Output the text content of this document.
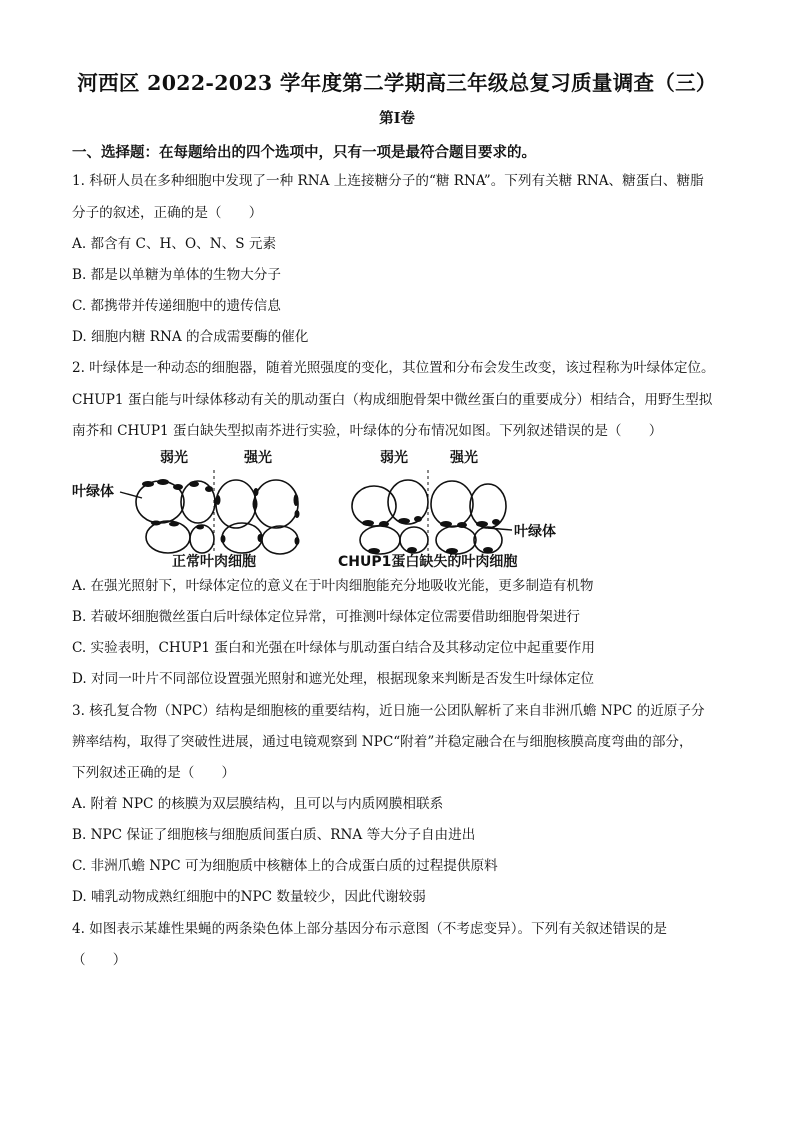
河西区 2022-2023 学年度第二学期高三年级总复习质量调查（三）
第Ⅰ卷
一、选择题：在每题给出的四个选项中，只有一项是最符合题目要求的。
1. 科研人员在多种细胞中发现了一种 RNA 上连接糖分子的“糖 RNA”。下列有关糖 RNA、糖蛋白、糖脂
分子的叙述，正确的是（　　）
A. 都含有 C、H、O、N、S 元素
B. 都是以单糖为单体的生物大分子
C. 都携带并传递细胞中的遗传信息
D. 细胞内糖 RNA 的合成需要酶的催化
2. 叶绿体是一种动态的细胞器，随着光照强度的变化，其位置和分布会发生改变，该过程称为叶绿体定位。
CHUP1 蛋白能与叶绿体移动有关的肌动蛋白（构成细胞骨架中微丝蛋白的重要成分）相结合，用野生型拟
南芥和 CHUP1 蛋白缺失型拟南芥进行实验，叶绿体的分布情况如图。下列叙述错误的是（　　）
弱光	强光
叶绿体
正常叶肉细胞
弱光	强光
叶绿体
CHUP1蛋白缺失的叶肉细胞
A. 在强光照射下，叶绿体定位的意义在于叶肉细胞能充分地吸收光能，更多制造有机物
B. 若破坏细胞微丝蛋白后叶绿体定位异常，可推测叶绿体定位需要借助细胞骨架进行
C. 实验表明，CHUP1 蛋白和光强在叶绿体与肌动蛋白结合及其移动定位中起重要作用
D. 对同一叶片不同部位设置强光照射和遮光处理，根据现象来判断是否发生叶绿体定位
3. 核孔复合物（NPC）结构是细胞核的重要结构，近日施一公团队解析了来自非洲爪蟾 NPC 的近原子分
辨率结构，取得了突破性进展，通过电镜观察到 NPC“附着”并稳定融合在与细胞核膜高度弯曲的部分，
下列叙述正确的是（　　）
A. 附着 NPC 的核膜为双层膜结构，且可以与内质网膜相联系
B. NPC 保证了细胞核与细胞质间蛋白质、RNA 等大分子自由进出
C. 非洲爪蟾 NPC 可为细胞质中核糖体上的合成蛋白质的过程提供原料
D. 哺乳动物成熟红细胞中的NPC 数量较少，因此代谢较弱
4. 如图表示某雄性果蝇的两条染色体上部分基因分布示意图（不考虑变异）。下列有关叙述错误的是
（　　）
